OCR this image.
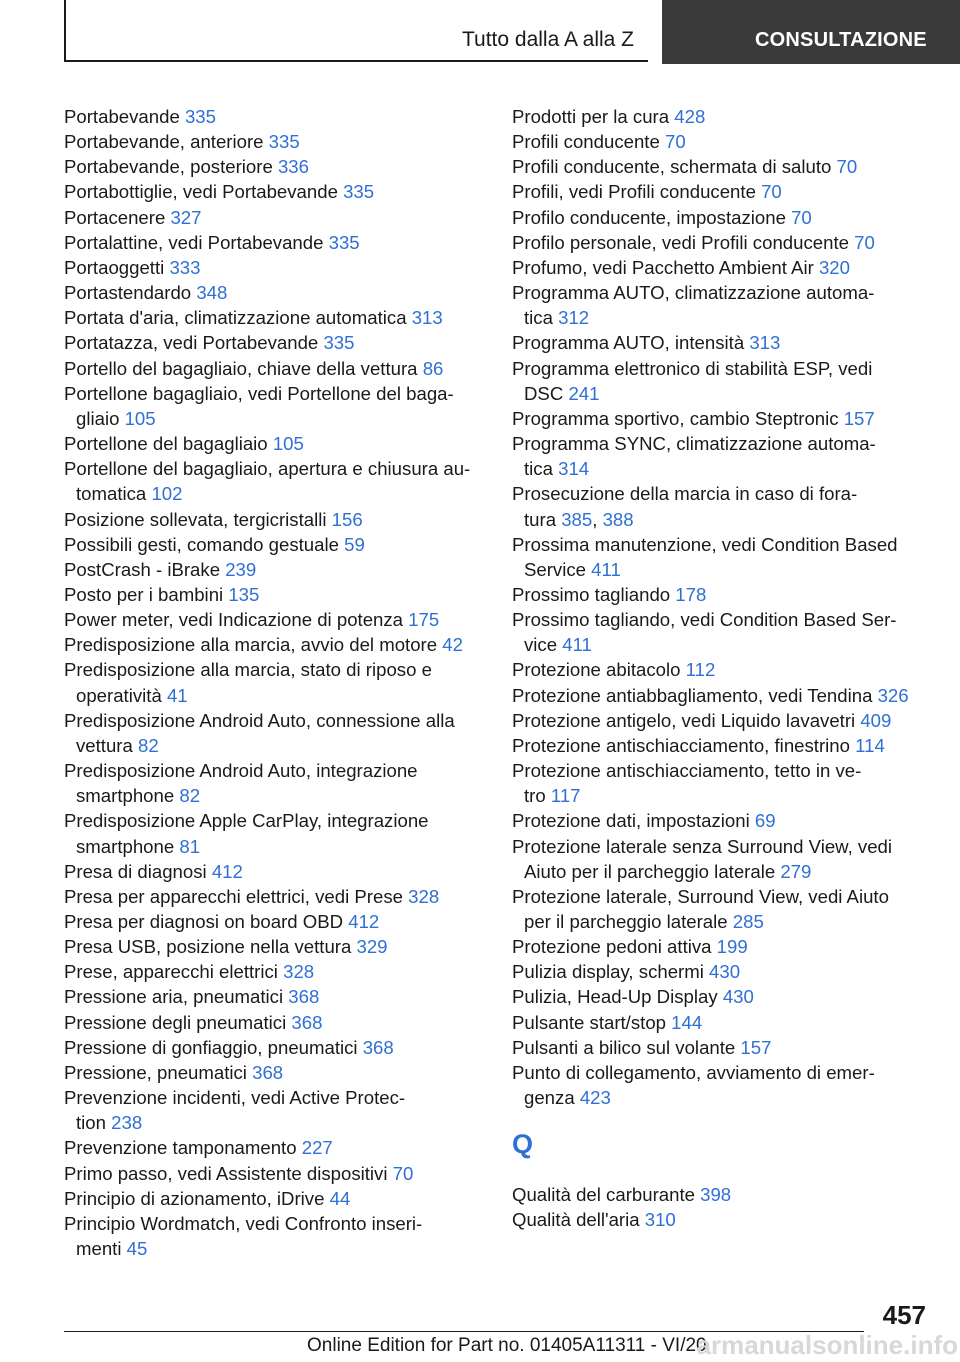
Tutto dalla A alla Z	CONSULTAZIONE
Portabevande 335
Portabevande, anteriore 335
Portabevande, posteriore 336
Portabottiglie, vedi Portabevande 335
Portacenere 327
Portalattine, vedi Portabevande 335
Portaoggetti 333
Portastendardo 348
Portata d'aria, climatizzazione automatica 313
Portatazza, vedi Portabevande 335
Portello del bagagliaio, chiave della vettura 86
Portellone bagagliaio, vedi Portellone del baga-
gliaio 105
Portellone del bagagliaio 105
Portellone del bagagliaio, apertura e chiusura au-
tomatica 102
Posizione sollevata, tergicristalli 156
Possibili gesti, comando gestuale 59
PostCrash - iBrake 239
Posto per i bambini 135
Power meter, vedi Indicazione di potenza 175
Predisposizione alla marcia, avvio del motore 42
Predisposizione alla marcia, stato di riposo e
operatività 41
Predisposizione Android Auto, connessione alla
vettura 82
Predisposizione Android Auto, integrazione
smartphone 82
Predisposizione Apple CarPlay, integrazione
smartphone 81
Presa di diagnosi 412
Presa per apparecchi elettrici, vedi Prese 328
Presa per diagnosi on board OBD 412
Presa USB, posizione nella vettura 329
Prese, apparecchi elettrici 328
Pressione aria, pneumatici 368
Pressione degli pneumatici 368
Pressione di gonfiaggio, pneumatici 368
Pressione, pneumatici 368
Prevenzione incidenti, vedi Active Protec-
tion 238
Prevenzione tamponamento 227
Primo passo, vedi Assistente dispositivi 70
Principio di azionamento, iDrive 44
Principio Wordmatch, vedi Confronto inseri-
menti 45
Prodotti per la cura 428
Profili conducente 70
Profili conducente, schermata di saluto 70
Profili, vedi Profili conducente 70
Profilo conducente, impostazione 70
Profilo personale, vedi Profili conducente 70
Profumo, vedi Pacchetto Ambient Air 320
Programma AUTO, climatizzazione automa-
tica 312
Programma AUTO, intensità 313
Programma elettronico di stabilità ESP, vedi
DSC 241
Programma sportivo, cambio Steptronic 157
Programma SYNC, climatizzazione automa-
tica 314
Prosecuzione della marcia in caso di fora-
tura 385, 388
Prossima manutenzione, vedi Condition Based
Service 411
Prossimo tagliando 178
Prossimo tagliando, vedi Condition Based Ser-
vice 411
Protezione abitacolo 112
Protezione antiabbagliamento, vedi Tendina 326
Protezione antigelo, vedi Liquido lavavetri 409
Protezione antischiacciamento, finestrino 114
Protezione antischiacciamento, tetto in ve-
tro 117
Protezione dati, impostazioni 69
Protezione laterale senza Surround View, vedi
Aiuto per il parcheggio laterale 279
Protezione laterale, Surround View, vedi Aiuto
per il parcheggio laterale 285
Protezione pedoni attiva 199
Pulizia display, schermi 430
Pulizia, Head-Up Display 430
Pulsante start/stop 144
Pulsanti a bilico sul volante 157
Punto di collegamento, avviamento di emer-
genza 423
Q
Qualità del carburante 398
Qualità dell'aria 310
457
Online Edition for Part no. 01405A11311 - VI/20
armanualsonline.info
